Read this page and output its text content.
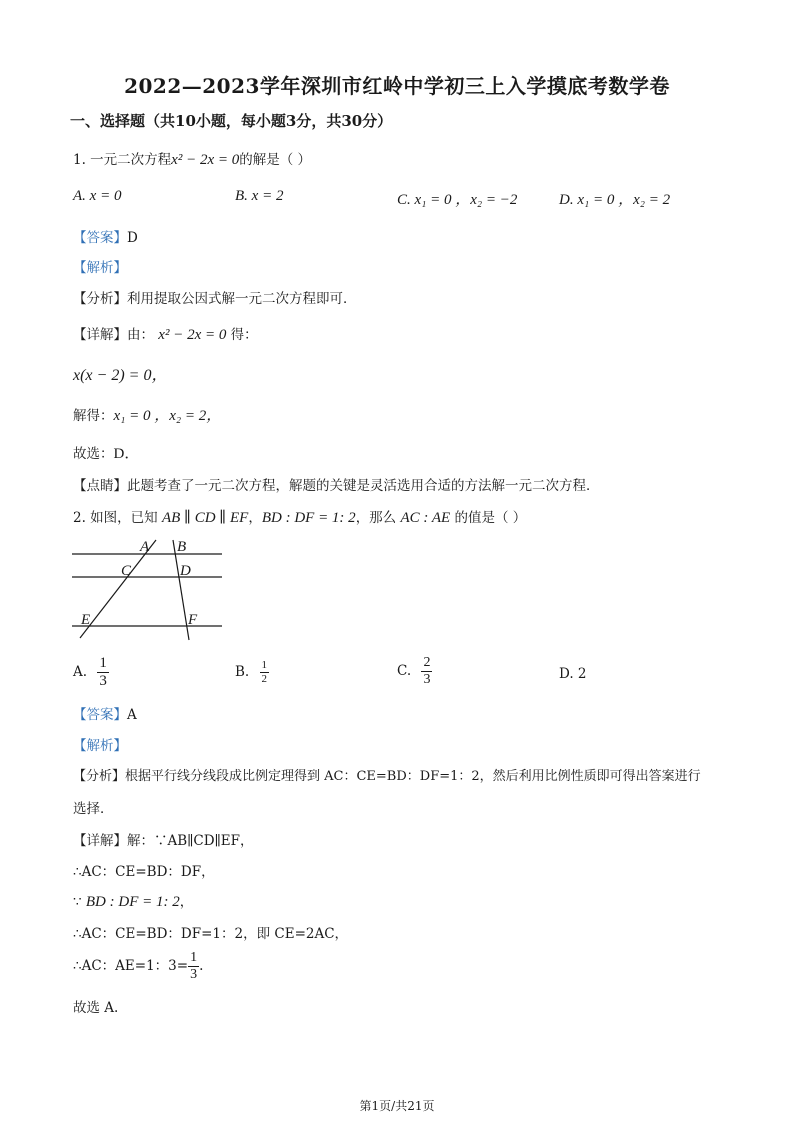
2022—2023学年深圳市红岭中学初三上入学摸底考数学卷
一、选择题（共10小题，每小题3分，共30分）
1. 一元二次方程x² − 2x = 0的解是（ ）
A. x = 0	B. x = 2	C. x₁ = 0 ，x₂ = −2	D. x₁ = 0 ，x₂ = 2
【答案】D
【解析】
【分析】利用提取公因式解一元二次方程即可．
【详解】由： x² − 2x = 0 得：
x(x − 2) = 0，
解得：x₁ = 0 ，x₂ = 2，
故选：D．
【点睛】此题考查了一元二次方程，解题的关键是灵活选用合适的方法解一元二次方程．
2. 如图，已知 AB ∥ CD ∥ EF，BD : DF = 1: 2，那么 AC : AE 的值是（ ）
A B
C	D
E	F
A. $\frac{1}{3}$	B. $\frac{1}{2}$	C. $\frac{2}{3}$	D. 2
【答案】A
【解析】
【分析】根据平行线分线段成比例定理得到 AC：CE=BD：DF=1：2，然后利用比例性质即可得出答案进行
选择．
【详解】解：∵AB∥CD∥EF，
∴AC：CE=BD：DF，
∵ BD : DF = 1: 2，
∴AC：CE=BD：DF=1：2，即 CE=2AC，
∴AC：AE=1：$3= \frac{1}{3}$ .
故选 A.
第1页/共21页
